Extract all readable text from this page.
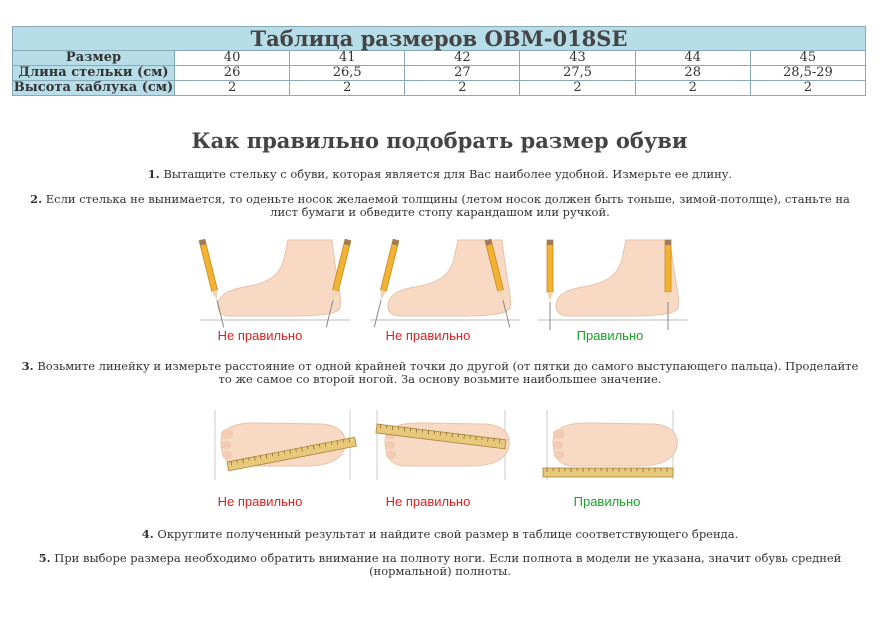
Таблица размеров OBM-018SE						
Размер	40	41	42	43	44	45
Длина стельки (см)	26	26,5	27	27,5	28	28,5-29
Высота каблука (см)	2	2	2	2	2	2
Как правильно подобрать размер обуви

1. Вытащите стельку с обуви, которая является для Вас наиболее удобной. Измерьте ее длину.

2. Если стелька не вынимается, то оденьте носок желаемой толщины (летом носок должен быть тоньше, зимой-потолще), станьте на лист бумаги и обведите стопу карандашом или ручкой.

Не правильно	Не правильно	Правильно

3. Возьмите линейку и измерьте расстояние от одной крайней точки до другой (от пятки до самого выступающего пальца). Проделайте то же самое со второй ногой. За основу возьмите наибольшее значение.

Не правильно	Не правильно	Правильно

4. Округлите полученный результат и найдите свой размер в таблице соответствующего бренда.

5. При выборе размера необходимо обратить внимание на полноту ноги. Если полнота в модели не указана, значит обувь средней (нормальной) полноты.
